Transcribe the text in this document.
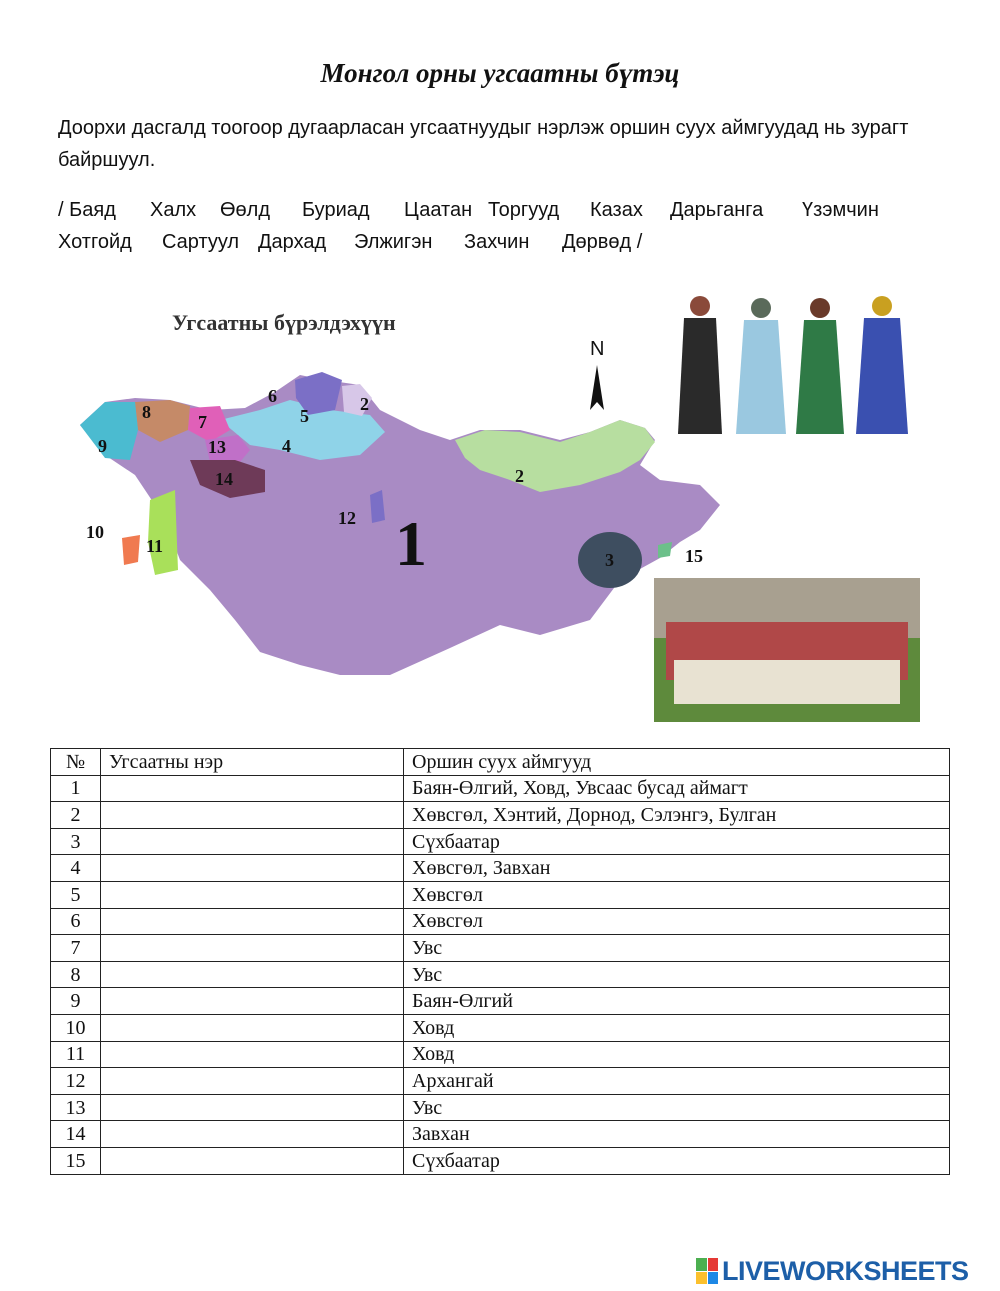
Монгол орны угсаатны бүтэц
Доорхи дасгалд тоогоор дугаарласан угсаатнуудыг нэрлэж оршин суух аймгуудад нь зурагт байршуул.
/ Баяд Халх Өөлд Буриад Цаатан Торгууд Казах Дарьганга Үзэмчин
Хотгойд Сартуул Дархад Элжигэн Захчин Дөрвөд /
Угсаатны бүрэлдэхүүн
N
1
2
2
3
4
5
6
7
8
9
10
11
12
13
14
15
№	Угсаатны нэр	Оршин суух аймгууд
1		Баян-Өлгий, Ховд, Увсаас бусад аймагт
2		Хөвсгөл, Хэнтий, Дорнод, Сэлэнгэ, Булган
3		Сүхбаатар
4		Хөвсгөл, Завхан
5		Хөвсгөл
6		Хөвсгөл
7		Увс
8		Увс
9		Баян-Өлгий
10		Ховд
11		Ховд
12		Архангай
13		Увс
14		Завхан
15		Сүхбаатар
LIVEWORKSHEETS
